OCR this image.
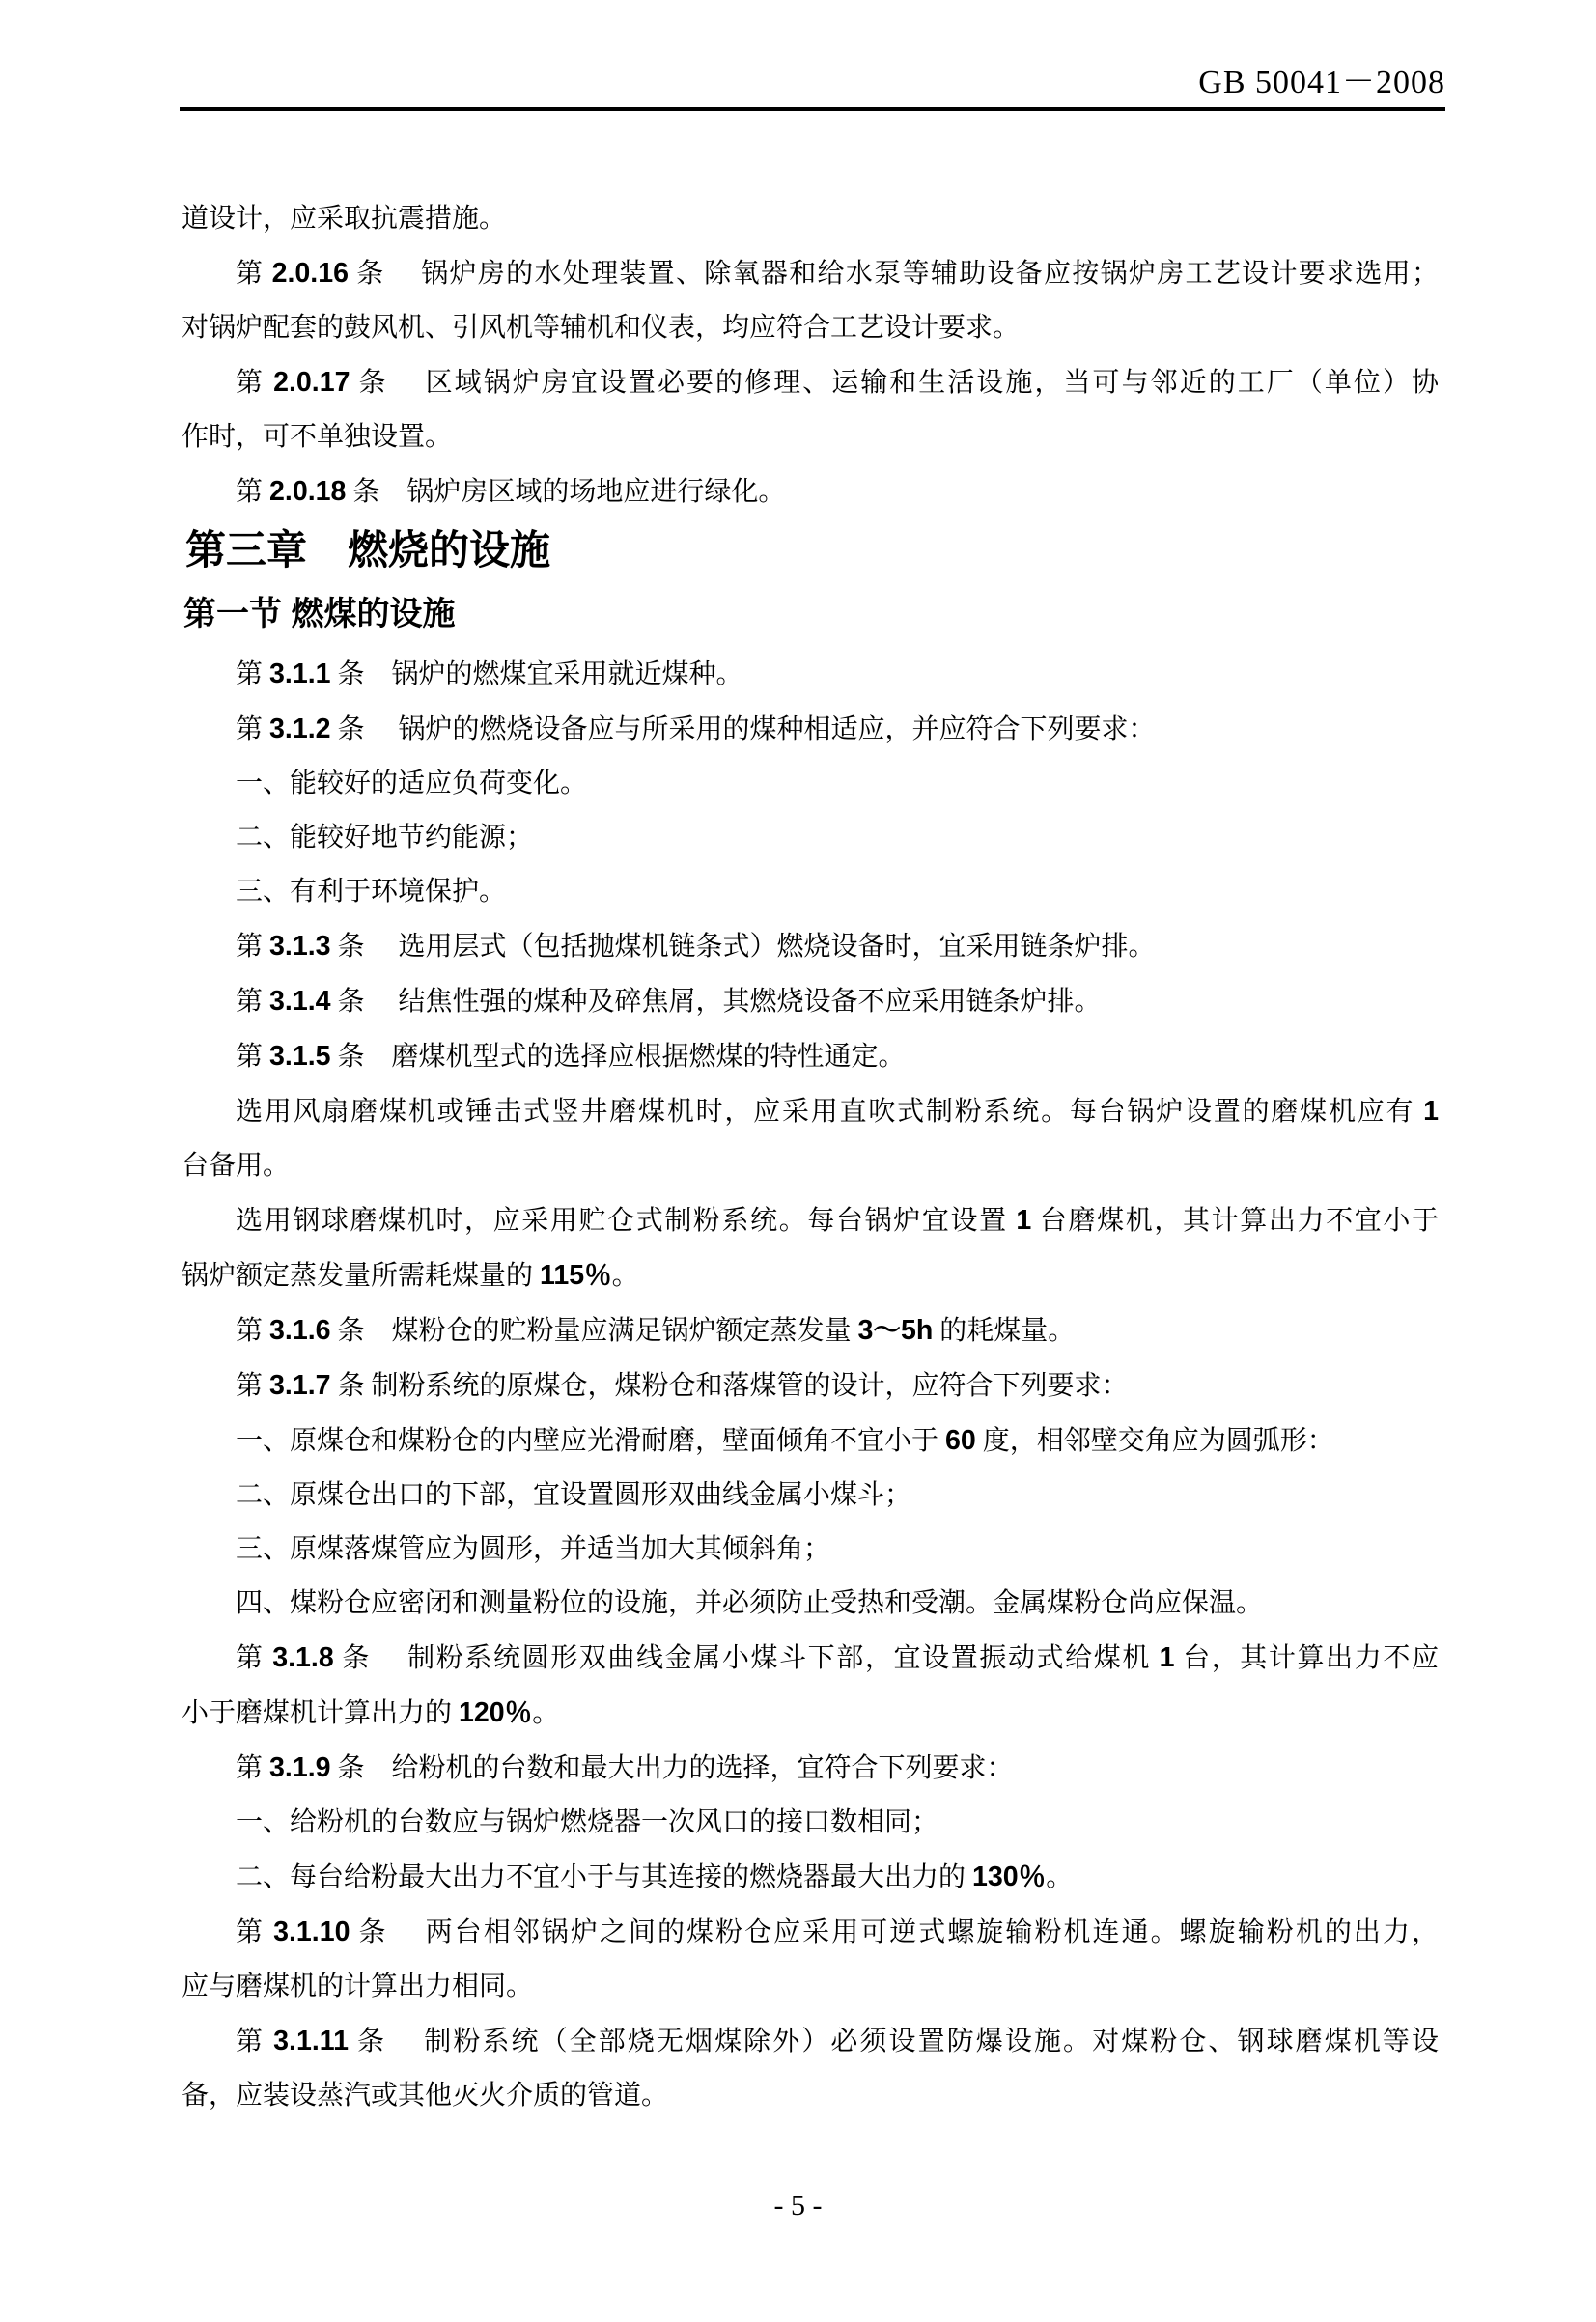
GB 50041－2008
道设计，应采取抗震措施。
第 2.0.16 条　 锅炉房的水处理装置、除氧器和给水泵等辅助设备应按锅炉房工艺设计要求选用；
对锅炉配套的鼓风机、引风机等辅机和仪表，均应符合工艺设计要求。
第 2.0.17 条　 区域锅炉房宜设置必要的修理、运输和生活设施，当可与邻近的工厂（单位）协
作时，可不单独设置。
第 2.0.18 条　锅炉房区域的场地应进行绿化。
第三章　燃烧的设施
第一节 燃煤的设施
第 3.1.1 条　锅炉的燃煤宜采用就近煤种。
第 3.1.2 条　 锅炉的燃烧设备应与所采用的煤种相适应，并应符合下列要求：
一、能较好的适应负荷变化。
二、能较好地节约能源；
三、有利于环境保护。
第 3.1.3 条　 选用层式（包括抛煤机链条式）燃烧设备时，宜采用链条炉排。
第 3.1.4 条　 结焦性强的煤种及碎焦屑，其燃烧设备不应采用链条炉排。
第 3.1.5 条　磨煤机型式的选择应根据燃煤的特性通定。
选用风扇磨煤机或锤击式竖井磨煤机时，应采用直吹式制粉系统。每台锅炉设置的磨煤机应有 1
台备用。
选用钢球磨煤机时，应采用贮仓式制粉系统。每台锅炉宜设置 1 台磨煤机，其计算出力不宜小于
锅炉额定蒸发量所需耗煤量的 115％。
第 3.1.6 条　煤粉仓的贮粉量应满足锅炉额定蒸发量 3～5h 的耗煤量。
第 3.1.7 条 制粉系统的原煤仓，煤粉仓和落煤管的设计，应符合下列要求：
一、原煤仓和煤粉仓的内壁应光滑耐磨，壁面倾角不宜小于 60 度，相邻壁交角应为圆弧形：
二、原煤仓出口的下部，宜设置圆形双曲线金属小煤斗；
三、原煤落煤管应为圆形，并适当加大其倾斜角；
四、煤粉仓应密闭和测量粉位的设施，并必须防止受热和受潮。金属煤粉仓尚应保温。
第 3.1.8 条　 制粉系统圆形双曲线金属小煤斗下部，宜设置振动式给煤机 1 台，其计算出力不应
小于磨煤机计算出力的 120％。
第 3.1.9 条　给粉机的台数和最大出力的选择，宜符合下列要求：
一、给粉机的台数应与锅炉燃烧器一次风口的接口数相同；
二、每台给粉最大出力不宜小于与其连接的燃烧器最大出力的 130％。
第 3.1.10 条　 两台相邻锅炉之间的煤粉仓应采用可逆式螺旋输粉机连通。螺旋输粉机的出力，
应与磨煤机的计算出力相同。
第 3.1.11 条　 制粉系统（全部烧无烟煤除外）必须设置防爆设施。对煤粉仓、钢球磨煤机等设
备，应装设蒸汽或其他灭火介质的管道。
- 5 -
